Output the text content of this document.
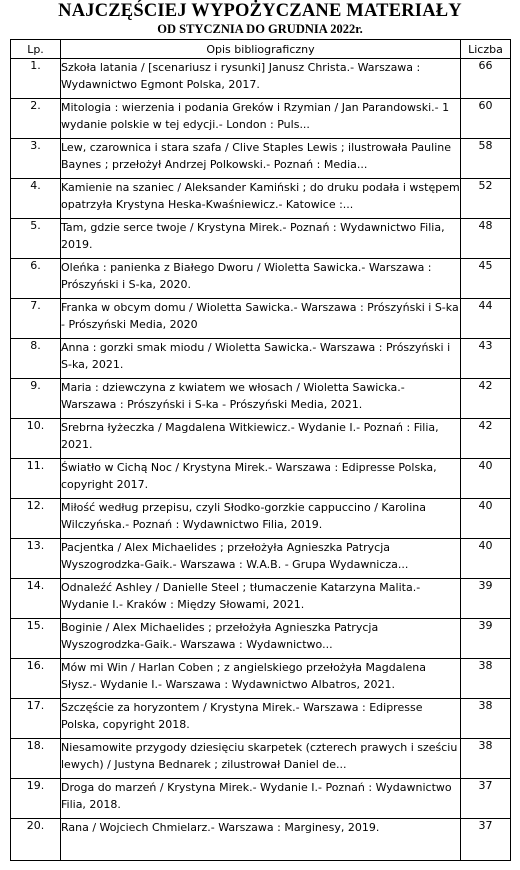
NAJCZĘŚCIEJ WYPOŻYCZANE MATERIAŁY
OD STYCZNIA DO GRUDNIA 2022r.
Lp.	Opis bibliograficzny	Liczba
1.	Szkoła latania / [scenariusz i rysunki] Janusz Christa.- Warszawa : Wydawnictwo Egmont Polska, 2017.	66
2.	Mitologia : wierzenia i podania Greków i Rzymian / Jan Parandowski.- 1 wydanie polskie w tej edycji.- London : Puls...	60
3.	Lew, czarownica i stara szafa / Clive Staples Lewis ; ilustrowała Pauline Baynes ; przełożył Andrzej Polkowski.- Poznań : Media...	58
4.	Kamienie na szaniec / Aleksander Kamiński ; do druku podała i wstępem opatrzyła Krystyna Heska-Kwaśniewicz.- Katowice :...	52
5.	Tam, gdzie serce twoje / Krystyna Mirek.- Poznań : Wydawnictwo Filia, 2019.	48
6.	Oleńka : panienka z Białego Dworu / Wioletta Sawicka.- Warszawa : Prószyński i S-ka, 2020.	45
7.	Franka w obcym domu / Wioletta Sawicka.- Warszawa : Prószyński i S-ka - Prószyński Media, 2020	44
8.	Anna : gorzki smak miodu / Wioletta Sawicka.- Warszawa : Prószyński i S-ka, 2021.	43
9.	Maria : dziewczyna z kwiatem we włosach / Wioletta Sawicka.- Warszawa : Prószyński i S-ka - Prószyński Media, 2021.	42
10.	Srebrna łyżeczka / Magdalena Witkiewicz.- Wydanie I.- Poznań : Filia, 2021.	42
11.	Światło w Cichą Noc / Krystyna Mirek.- Warszawa : Edipresse Polska, copyright 2017.	40
12.	Miłość według przepisu, czyli Słodko-gorzkie cappuccino / Karolina Wilczyńska.- Poznań : Wydawnictwo Filia, 2019.	40
13.	Pacjentka / Alex Michaelides ; przełożyła Agnieszka Patrycja Wyszogrodzka-Gaik.- Warszawa : W.A.B. - Grupa Wydawnicza...	40
14.	Odnaleźć Ashley / Danielle Steel ; tłumaczenie Katarzyna Malita.- Wydanie I.- Kraków : Między Słowami, 2021.	39
15.	Boginie / Alex Michaelides ; przełożyła Agnieszka Patrycja Wyszogrodzka-Gaik.- Warszawa : Wydawnictwo...	39
16.	Mów mi Win / Harlan Coben ; z angielskiego przełożyła Magdalena Słysz.- Wydanie I.- Warszawa : Wydawnictwo Albatros, 2021.	38
17.	Szczęście za horyzontem / Krystyna Mirek.- Warszawa : Edipresse Polska, copyright 2018.	38
18.	Niesamowite przygody dziesięciu skarpetek (czterech prawych i sześciu lewych) / Justyna Bednarek ; zilustrował Daniel de...	38
19.	Droga do marzeń / Krystyna Mirek.- Wydanie I.- Poznań : Wydawnictwo Filia, 2018.	37
20.	Rana / Wojciech Chmielarz.- Warszawa : Marginesy, 2019.	37
